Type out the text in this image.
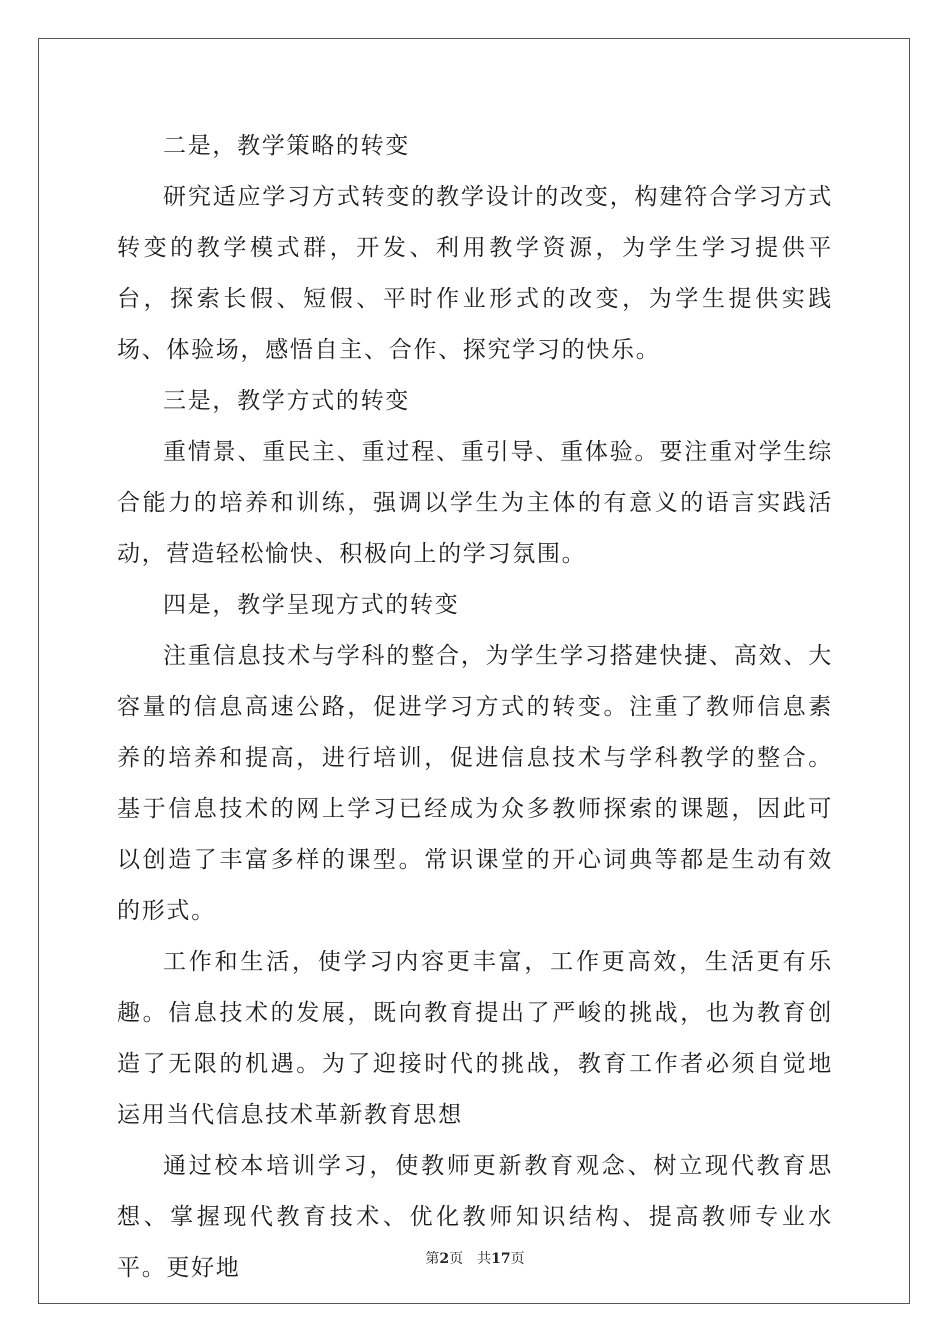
二是，教学策略的转变

研究适应学习方式转变的教学设计的改变，构建符合学习方式转变的教学模式群，开发、利用教学资源，为学生学习提供平台，探索长假、短假、平时作业形式的改变，为学生提供实践场、体验场，感悟自主、合作、探究学习的快乐。

三是，教学方式的转变

重情景、重民主、重过程、重引导、重体验。要注重对学生综合能力的培养和训练，强调以学生为主体的有意义的语言实践活动，营造轻松愉快、积极向上的学习氛围。

四是，教学呈现方式的转变

注重信息技术与学科的整合，为学生学习搭建快捷、高效、大容量的信息高速公路，促进学习方式的转变。注重了教师信息素养的培养和提高，进行培训，促进信息技术与学科教学的整合。基于信息技术的网上学习已经成为众多教师探索的课题，因此可以创造了丰富多样的课型。常识课堂的开心词典等都是生动有效的形式。

工作和生活，使学习内容更丰富，工作更高效，生活更有乐趣。信息技术的发展，既向教育提出了严峻的挑战，也为教育创造了无限的机遇。为了迎接时代的挑战，教育工作者必须自觉地运用当代信息技术革新教育思想

通过校本培训学习，使教师更新教育观念、树立现代教育思想、掌握现代教育技术、优化教师知识结构、提高教师专业水平。更好地	第2页 共17页
